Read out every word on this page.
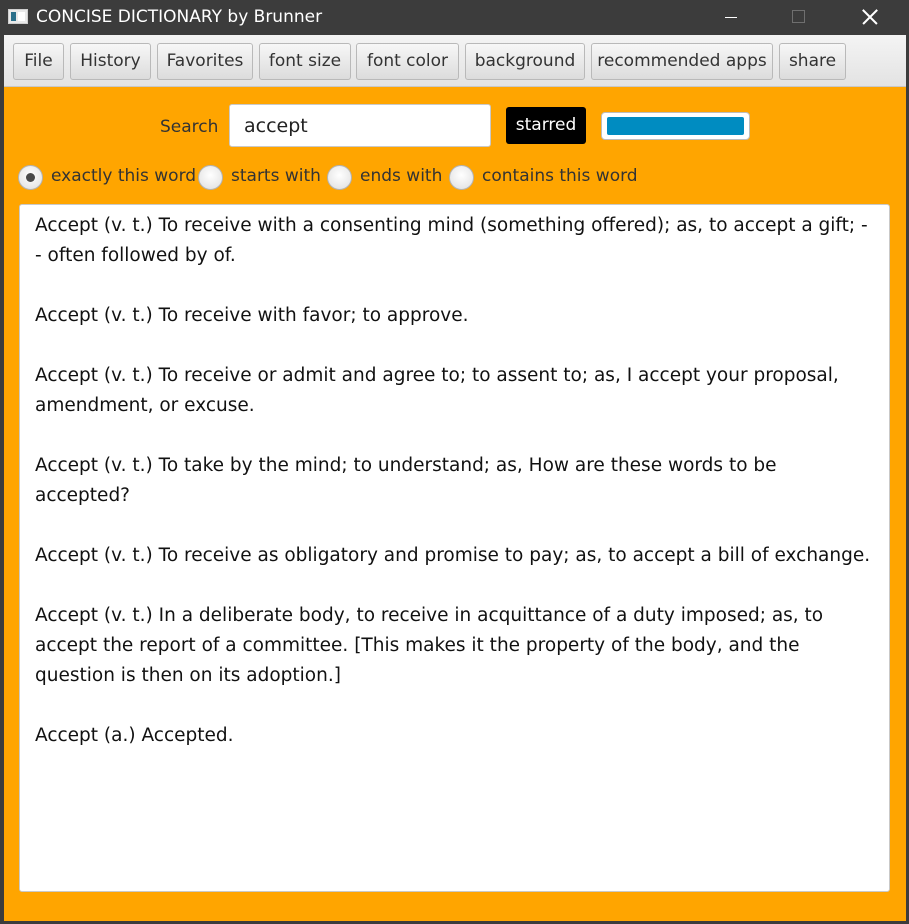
CONCISE DICTIONARY by Brunner
File	History	Favorites	font size	font color	background	recommended apps	share
Search
accept	starred
exactly this word starts with ends with contains this word
Accept (v. t.) To receive with a consenting mind (something offered); as, to accept a gift; -- often followed by of.

Accept (v. t.) To receive with favor; to approve.

Accept (v. t.) To receive or admit and agree to; to assent to; as, I accept your proposal, amendment, or excuse.

Accept (v. t.) To take by the mind; to understand; as, How are these words to be accepted?

Accept (v. t.) To receive as obligatory and promise to pay; as, to accept a bill of exchange.

Accept (v. t.) In a deliberate body, to receive in acquittance of a duty imposed; as, to accept the report of a committee. [This makes it the property of the body, and the question is then on its adoption.]

Accept (a.) Accepted.
